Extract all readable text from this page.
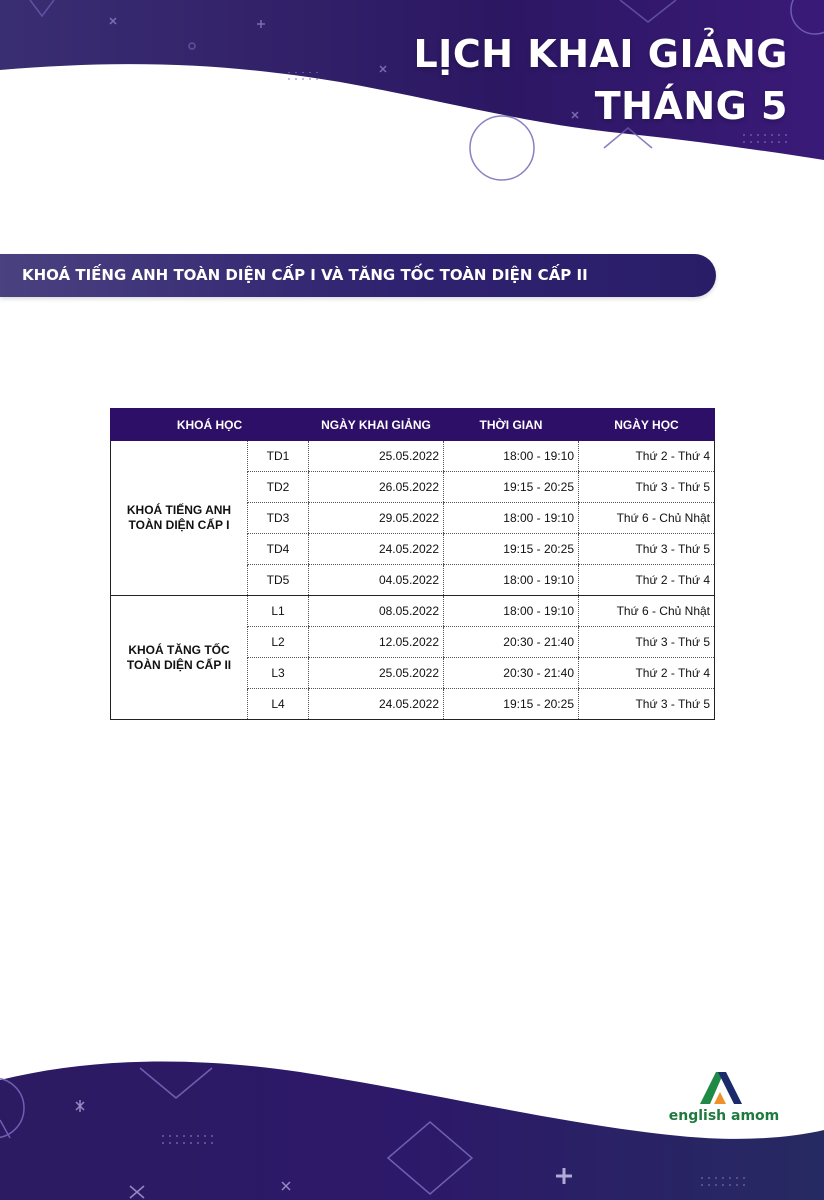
LỊCH KHAI GIẢNG
THÁNG 5
KHOÁ TIẾNG ANH TOÀN DIỆN CẤP I VÀ TĂNG TỐC TOÀN DIỆN CẤP II
KHOÁ HỌC		NGÀY KHAI GIẢNG	THỜI GIAN	NGÀY HỌC
KHOÁ TIẾNG ANH TOÀN DIỆN CẤP I	TD1	25.05.2022	18:00 - 19:10	Thứ 2 - Thứ 4
	TD2	26.05.2022	19:15 - 20:25	Thứ 3 - Thứ 5
	TD3	29.05.2022	18:00 - 19:10	Thứ 6 - Chủ Nhật
	TD4	24.05.2022	19:15 - 20:25	Thứ 3 - Thứ 5
	TD5	04.05.2022	18:00 - 19:10	Thứ 2 - Thứ 4
KHOÁ TĂNG TỐC TOÀN DIỆN CẤP II	L1	08.05.2022	18:00 - 19:10	Thứ 6 - Chủ Nhật
	L2	12.05.2022	20:30 - 21:40	Thứ 3 - Thứ 5
	L3	25.05.2022	20:30 - 21:40	Thứ 2 - Thứ 4
	L4	24.05.2022	19:15 - 20:25	Thứ 3 - Thứ 5
english amom
